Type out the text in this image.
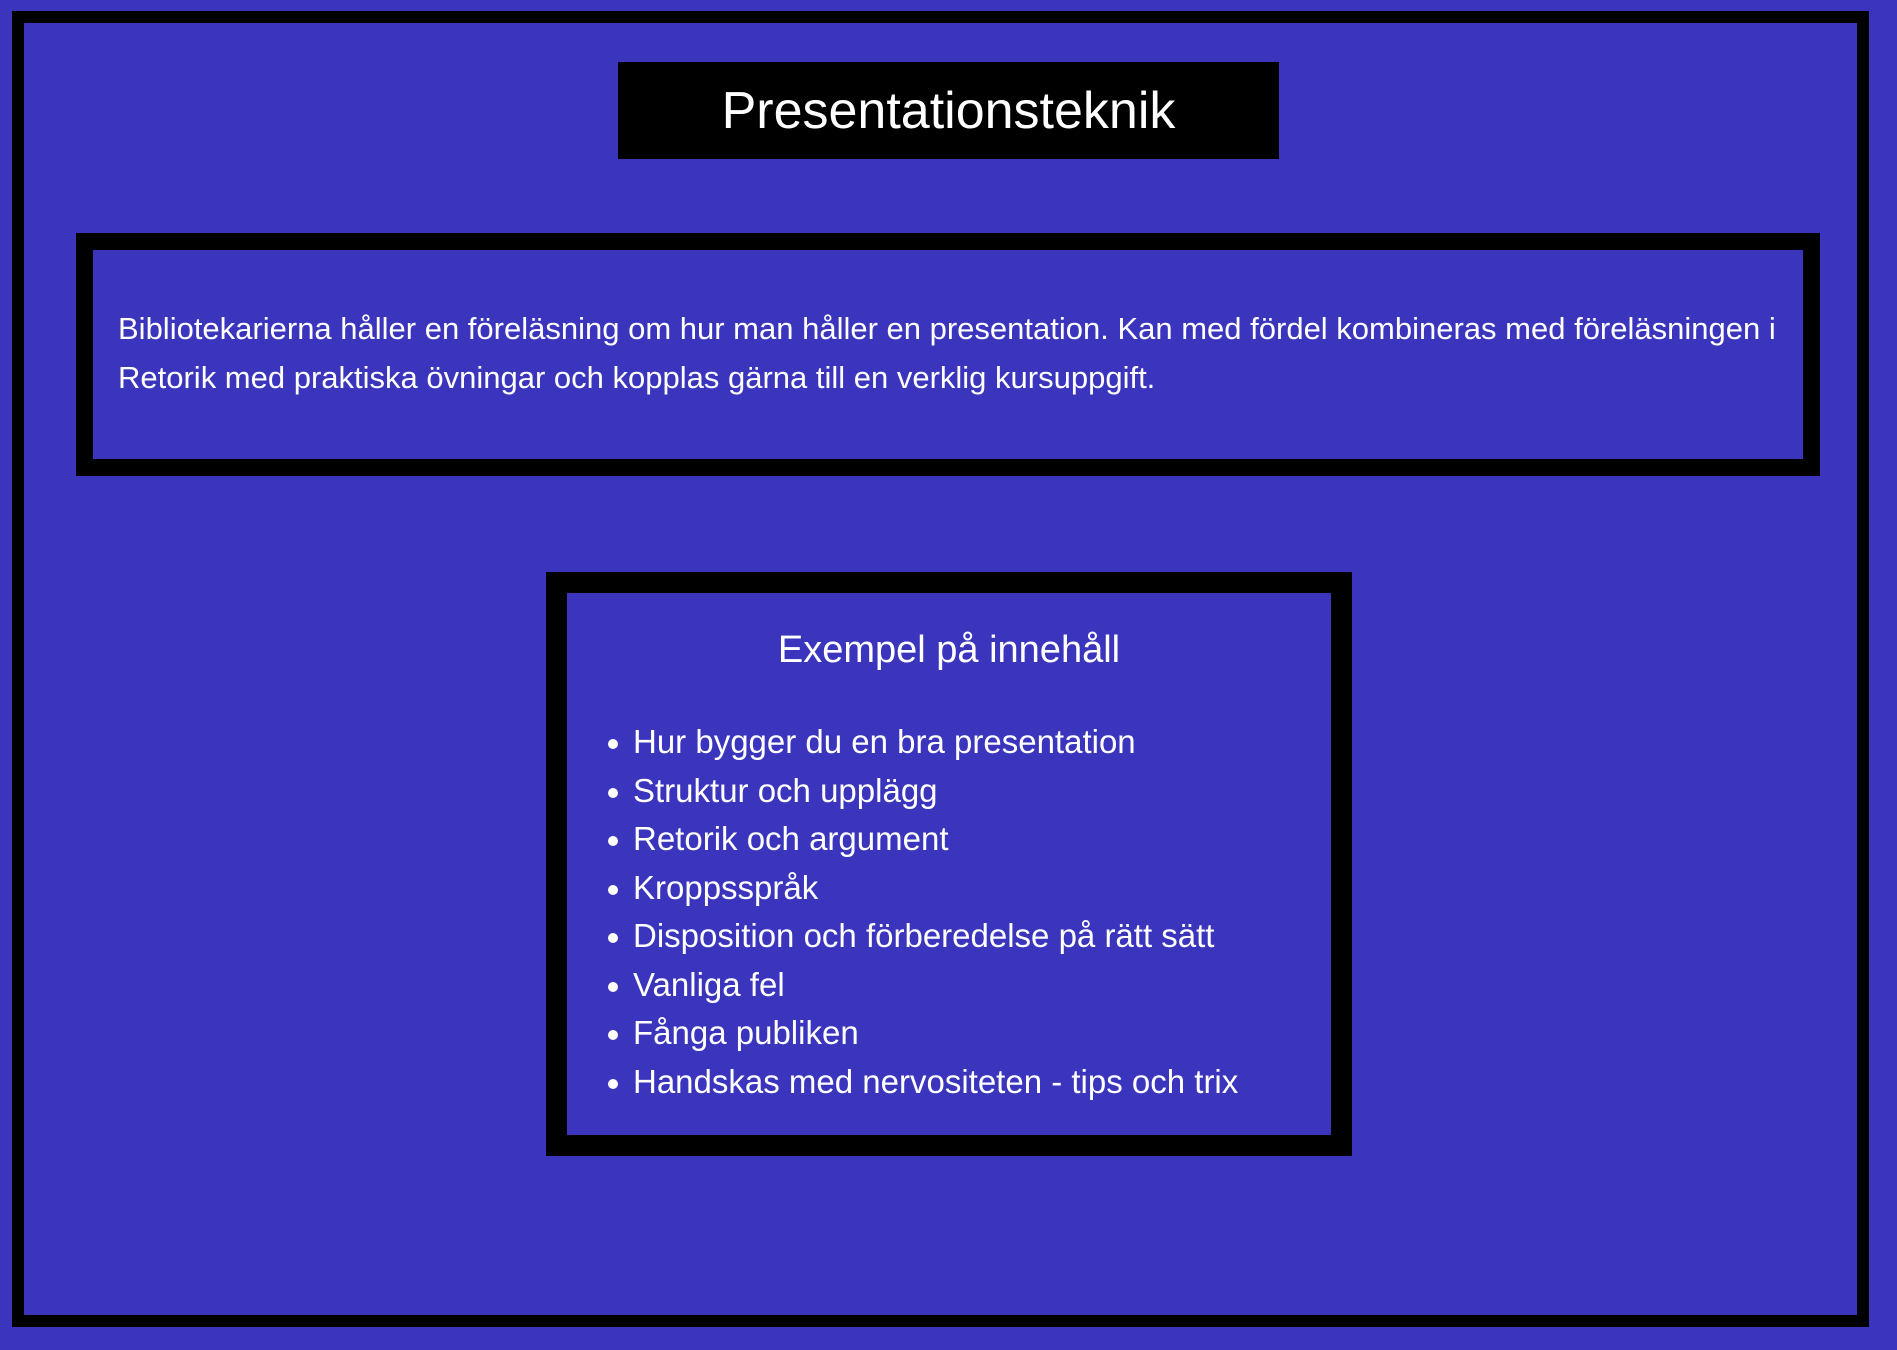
Presentationsteknik

Bibliotekarierna håller en föreläsning om hur man håller en presentation. Kan med fördel kombineras med föreläsningen i Retorik med praktiska övningar och kopplas gärna till en verklig kursuppgift.

Exempel på innehåll
Hur bygger du en bra presentation
Struktur och upplägg
Retorik och argument
Kroppsspråk
Disposition och förberedelse på rätt sätt
Vanliga fel
Fånga publiken
Handskas med nervositeten - tips och trix
